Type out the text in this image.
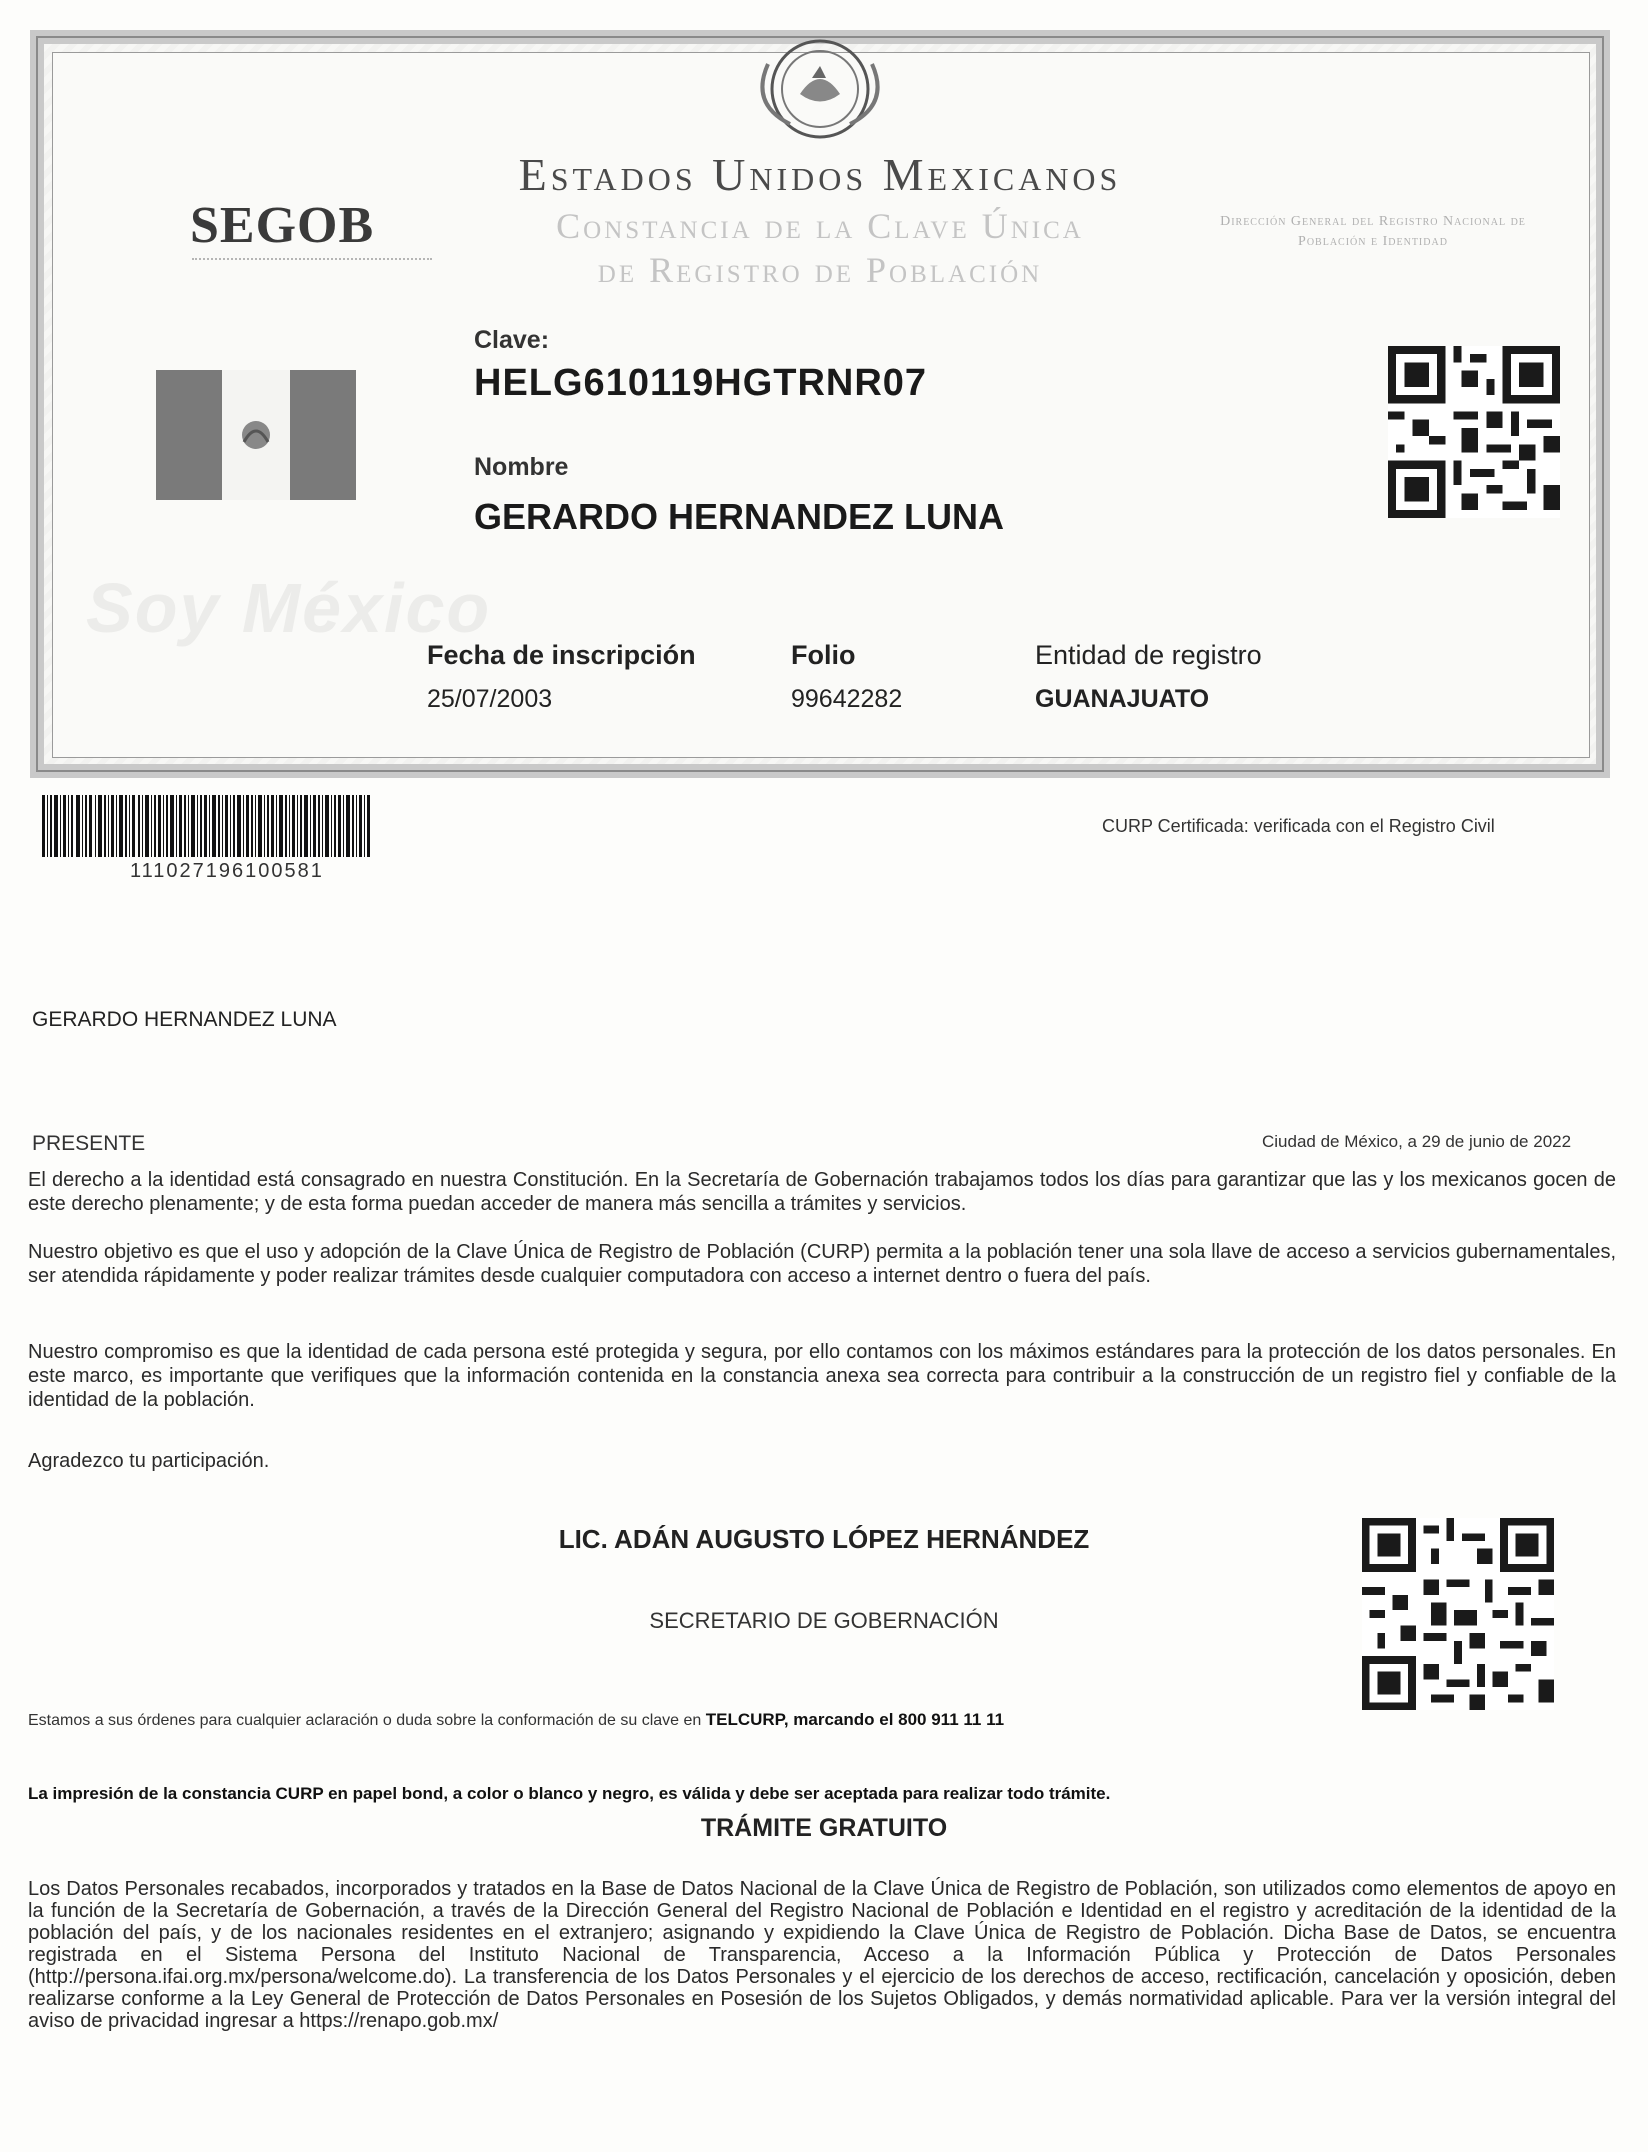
Estados Unidos Mexicanos
Constancia de la Clave Única
de Registro de Población
SEGOB	Dirección General del Registro Nacional de Población e Identidad
Clave:
HELG610119HGTRNR07
Nombre
GERARDO HERNANDEZ LUNA
Soy México
Fecha de inscripción
25/07/2003
Folio
99642282
Entidad de registro
GUANAJUATO
111027196100581
CURP Certificada: verificada con el Registro Civil
GERARDO HERNANDEZ LUNA
PRESENTE	Ciudad de México, a 29 de junio de 2022
El derecho a la identidad está consagrado en nuestra Constitución. En la Secretaría de Gobernación trabajamos todos los días para garantizar que las y los mexicanos gocen de este derecho plenamente; y de esta forma puedan acceder de manera más sencilla a trámites y servicios.
Nuestro objetivo es que el uso y adopción de la Clave Única de Registro de Población (CURP) permita a la población tener una sola llave de acceso a servicios gubernamentales, ser atendida rápidamente y poder realizar trámites desde cualquier computadora con acceso a internet dentro o fuera del país.
Nuestro compromiso es que la identidad de cada persona esté protegida y segura, por ello contamos con los máximos estándares para la protección de los datos personales. En este marco, es importante que verifiques que la información contenida en la constancia anexa sea correcta para contribuir a la construcción de un registro fiel y confiable de la identidad de la población.
Agradezco tu participación.
LIC. ADÁN AUGUSTO LÓPEZ HERNÁNDEZ
SECRETARIO DE GOBERNACIÓN
Estamos a sus órdenes para cualquier aclaración o duda sobre la conformación de su clave en TELCURP, marcando el 800 911 11 11
La impresión de la constancia CURP en papel bond, a color o blanco y negro, es válida y debe ser aceptada para realizar todo trámite.
TRÁMITE GRATUITO
Los Datos Personales recabados, incorporados y tratados en la Base de Datos Nacional de la Clave Única de Registro de Población, son utilizados como elementos de apoyo en la función de la Secretaría de Gobernación, a través de la Dirección General del Registro Nacional de Población e Identidad en el registro y acreditación de la identidad de la población del país, y de los nacionales residentes en el extranjero; asignando y expidiendo la Clave Única de Registro de Población. Dicha Base de Datos, se encuentra registrada en el Sistema Persona del Instituto Nacional de Transparencia, Acceso a la Información Pública y Protección de Datos Personales (http://persona.ifai.org.mx/persona/welcome.do). La transferencia de los Datos Personales y el ejercicio de los derechos de acceso, rectificación, cancelación y oposición, deben realizarse conforme a la Ley General de Protección de Datos Personales en Posesión de los Sujetos Obligados, y demás normatividad aplicable. Para ver la versión integral del aviso de privacidad ingresar a https://renapo.gob.mx/
